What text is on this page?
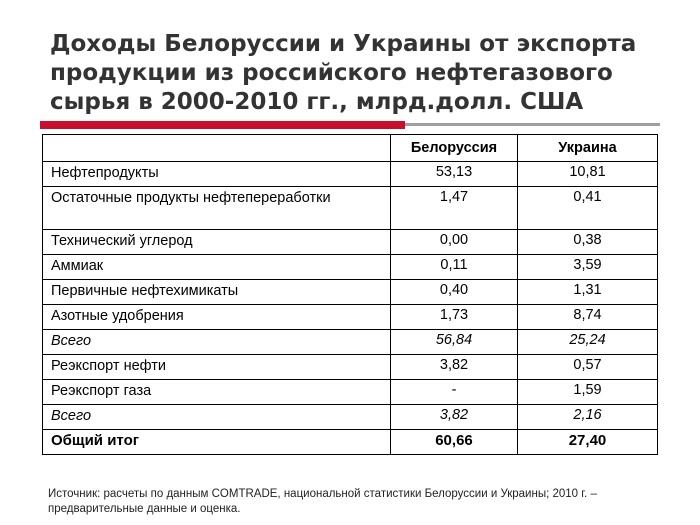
Доходы Белоруссии и Украины от экспорта
продукции из российского нефтегазового
сырья в 2000-2010 гг., млрд.долл. США
	Белоруссия	Украина
Нефтепродукты	53,13	10,81
Остаточные продукты нефтепереработки	1,47	0,41
Технический углерод	0,00	0,38
Аммиак	0,11	3,59
Первичные нефтехимикаты	0,40	1,31
Азотные удобрения	1,73	8,74
Всего	56,84	25,24
Реэкспорт нефти	3,82	0,57
Реэкспорт газа	-	1,59
Всего	3,82	2,16
Общий итог	60,66	27,40
Источник: расчеты по данным COMTRADE, национальной статистики Белоруссии и Украины; 2010 г. – предварительные данные и оценка.
